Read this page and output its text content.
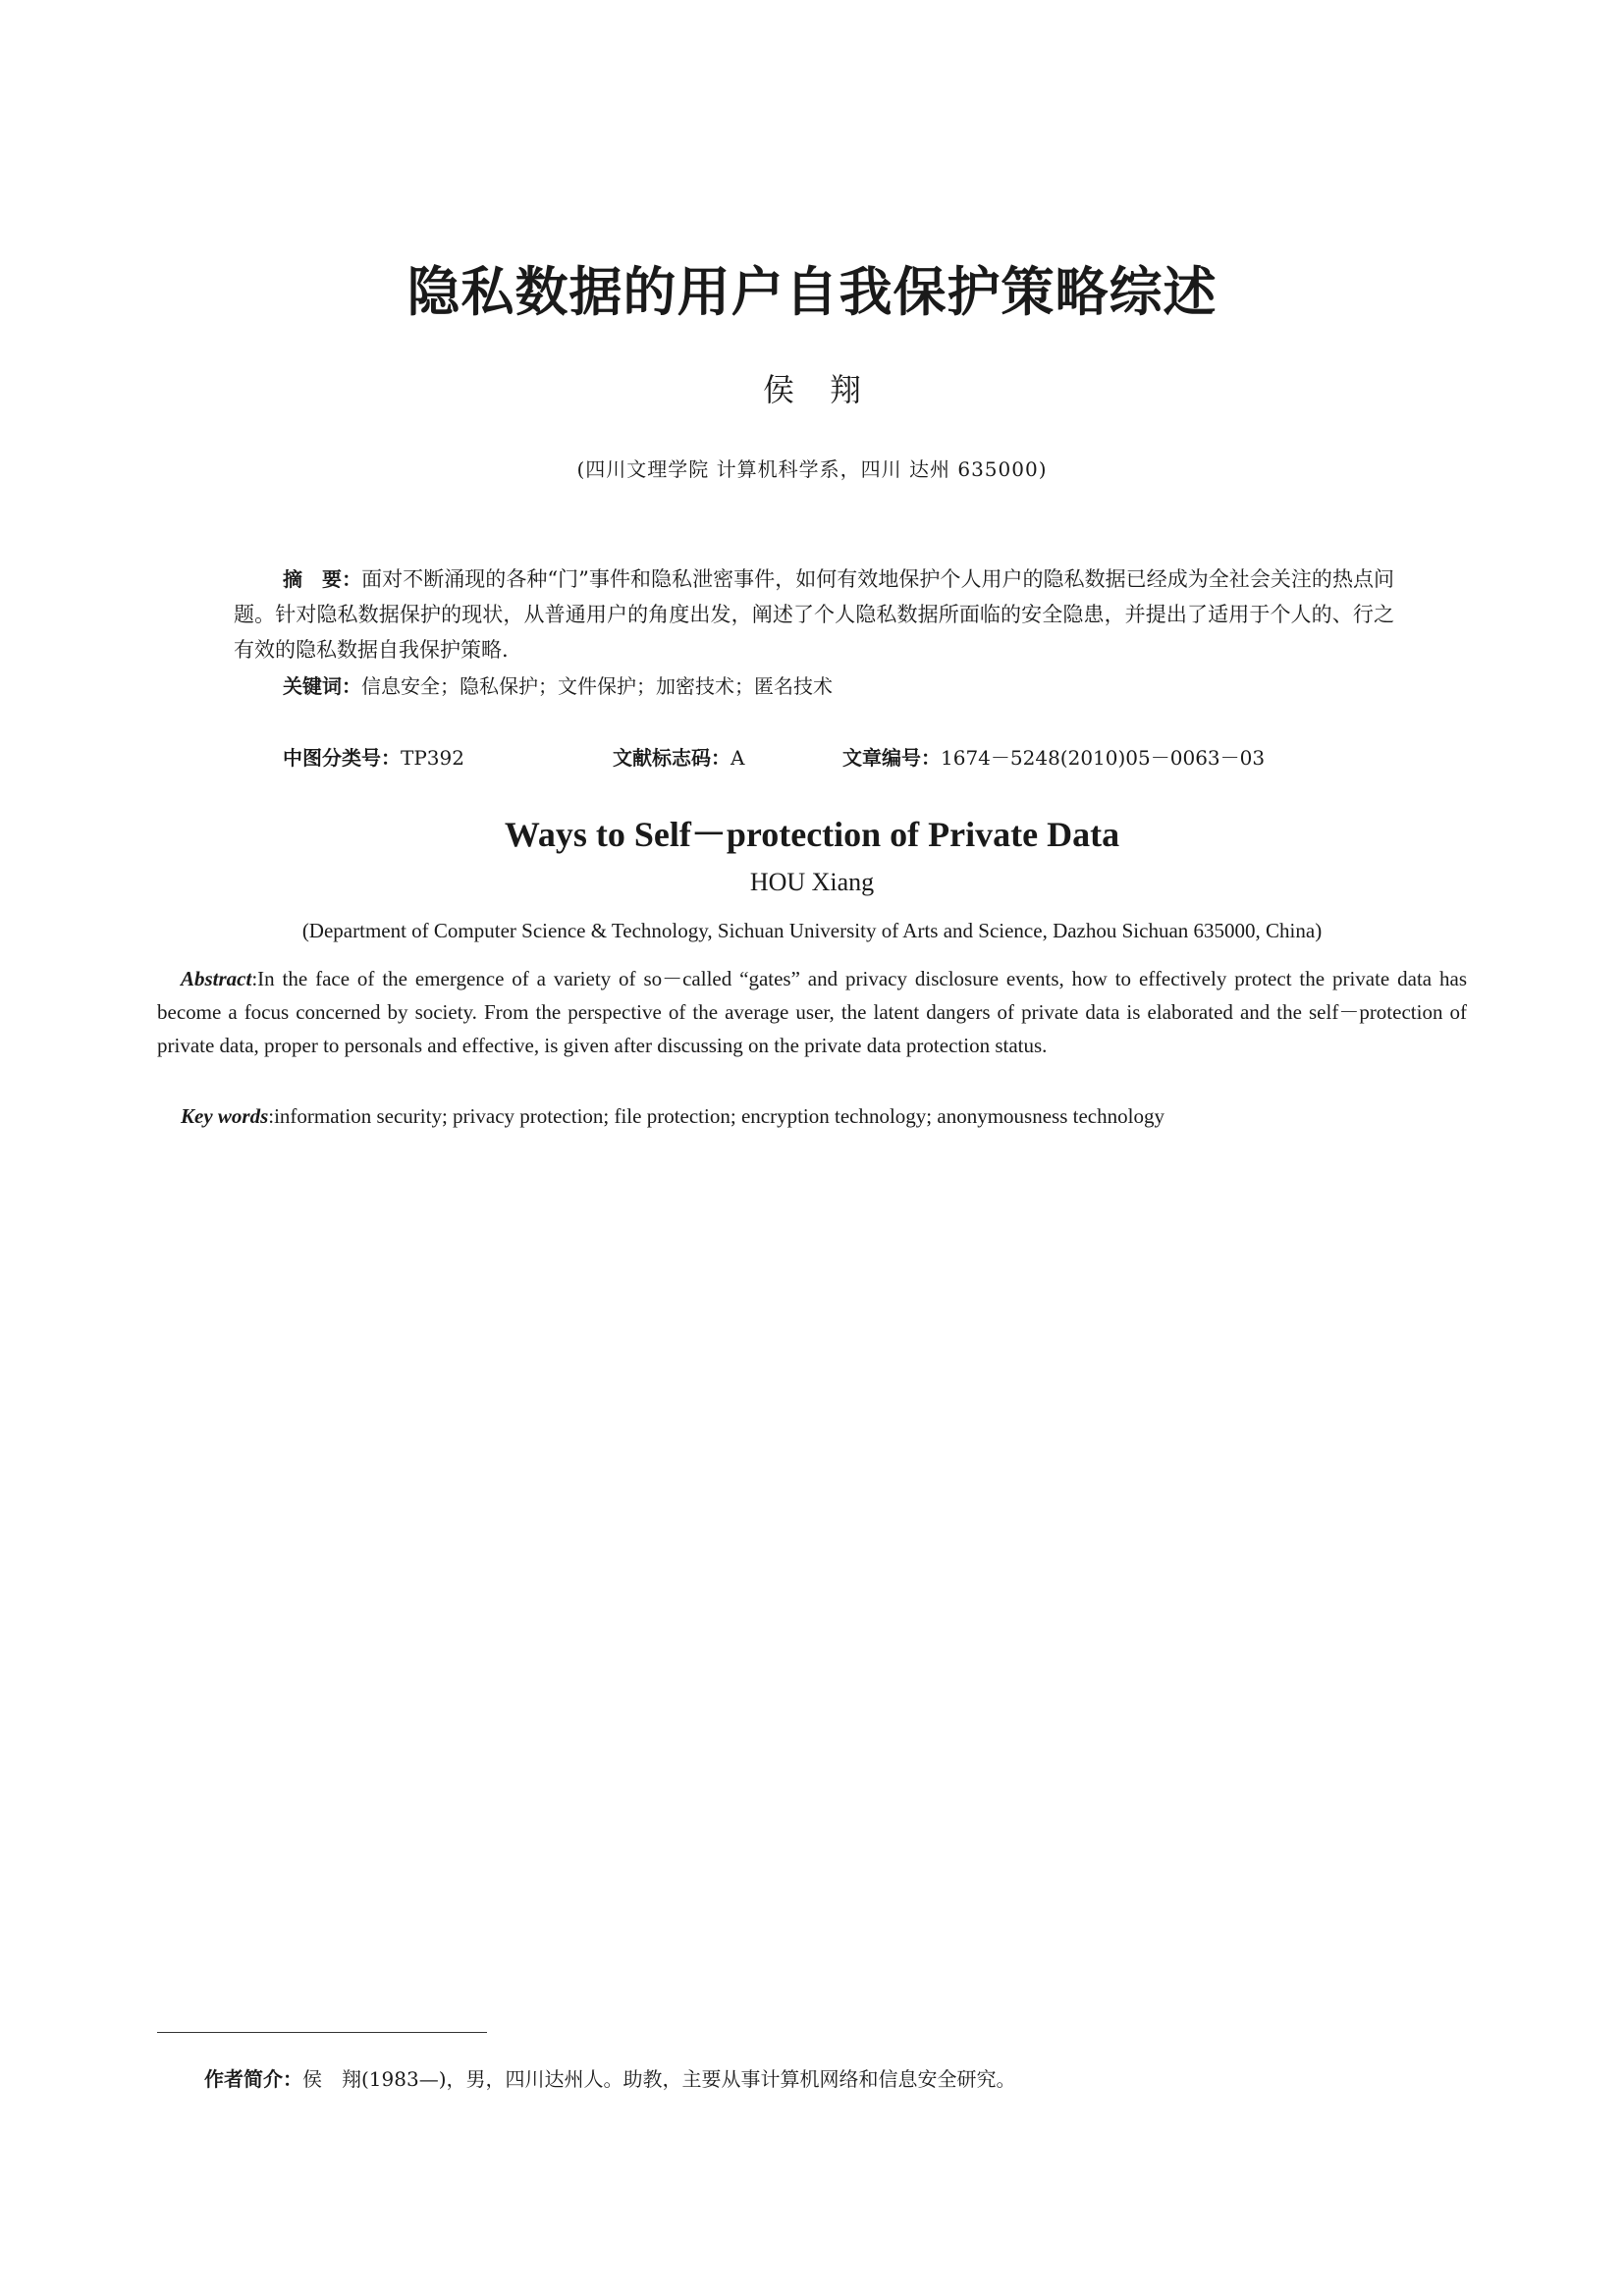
隐私数据的用户自我保护策略综述
侯翔
(四川文理学院 计算机科学系，四川 达州 635000)

摘　要：面对不断涌现的各种“门”事件和隐私泄密事件，如何有效地保护个人用户的隐私数据已经成为全社会关注的热点问题。针对隐私数据保护的现状，从普通用户的角度出发，阐述了个人隐私数据所面临的安全隐患，并提出了适用于个人的、行之有效的隐私数据自我保护策略.

关键词：信息安全；隐私保护；文件保护；加密技术；匿名技术

中图分类号：TP392	文献标志码：A	文章编号：1674－5248(2010)05－0063－03
Ways to Self－protection of Private Data
HOU Xiang
(Department of Computer Science & Technology, Sichuan University of Arts and Science, Dazhou Sichuan 635000, China)

Abstract:In the face of the emergence of a variety of so－called “gates” and privacy disclosure events, how to effectively protect the private data has become a focus concerned by society. From the perspective of the average user, the latent dangers of private data is elaborated and the self－protection of private data, proper to personals and effective, is given after discussing on the private data protection status.

Key words:information security; privacy protection; file protection; encryption technology; anonymousness technology

作者简介：侯　翔(1983—)，男，四川达州人。助教，主要从事计算机网络和信息安全研究。
